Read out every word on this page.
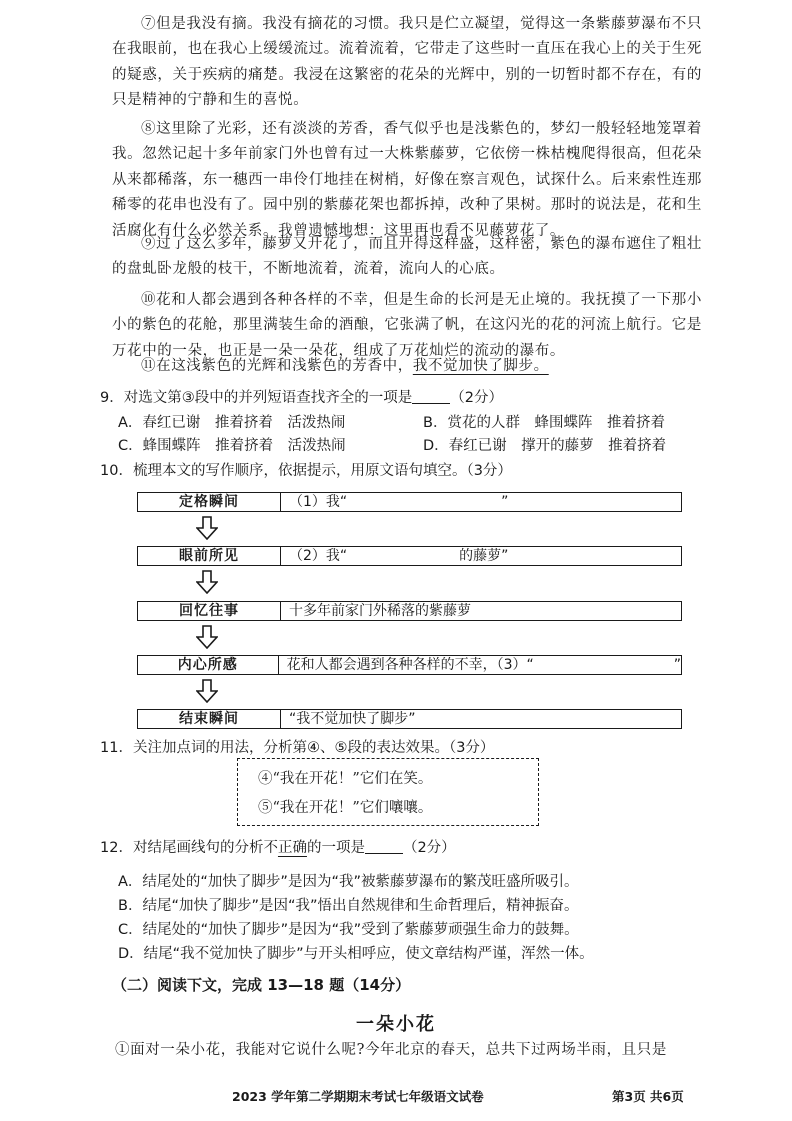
⑦但是我没有摘。我没有摘花的习惯。我只是伫立凝望，觉得这一条紫藤萝瀑布不只在我眼前，也在我心上缓缓流过。流着流着，它带走了这些时一直压在我心上的关于生死的疑惑，关于疾病的痛楚。我浸在这繁密的花朵的光辉中，别的一切暂时都不存在，有的只是精神的宁静和生的喜悦。

⑧这里除了光彩，还有淡淡的芳香，香气似乎也是浅紫色的，梦幻一般轻轻地笼罩着我。忽然记起十多年前家门外也曾有过一大株紫藤萝，它依傍一株枯槐爬得很高，但花朵从来都稀落，东一穗西一串伶仃地挂在树梢，好像在察言观色，试探什么。后来索性连那稀零的花串也没有了。园中别的紫藤花架也都拆掉，改种了果树。那时的说法是，花和生活腐化有什么必然关系。我曾遗憾地想：这里再也看不见藤萝花了。

⑨过了这么多年，藤萝又开花了，而且开得这样盛，这样密，紫色的瀑布遮住了粗壮的盘虬卧龙般的枝干，不断地流着，流着，流向人的心底。

⑩花和人都会遇到各种各样的不幸，但是生命的长河是无止境的。我抚摸了一下那小小的紫色的花舱，那里满装生命的酒酿，它张满了帆，在这闪光的花的河流上航行。它是万花中的一朵，也正是一朵一朵花，组成了万花灿烂的流动的瀑布。

⑪在这浅紫色的光辉和浅紫色的芳香中，我不觉加快了脚步。

9．对选文第③段中的并列短语查找齐全的一项是	（2分）

A．春红已谢　推着挤着　活泼热闹	B．赏花的人群　蜂围蝶阵　推着挤着
C．蜂围蝶阵　推着挤着　活泼热闹	D．春红已谢　撑开的藤萝　推着挤着

10．梳理本文的写作顺序，依据提示，用原文语句填空。（3分）

定格瞬间	（1）我“　　　　　　　　　　　”
眼前所见	（2）我“　　　　　　　　的藤萝”
回忆往事	十多年前家门外稀落的紫藤萝
内心所感	花和人都会遇到各种各样的不幸，（3）“　　　　　　　　　　”
结束瞬间	“我不觉加快了脚步”

11．关注加点词的用法，分析第④、⑤段的表达效果。（3分）

④“我在开花！”它们在笑。
⑤“我在开花！”它们嚷嚷。

12．对结尾画线句的分析不正确的一项是	（2分）

A．结尾处的“加快了脚步”是因为“我”被紫藤萝瀑布的繁茂旺盛所吸引。
B．结尾“加快了脚步”是因“我”悟出自然规律和生命哲理后，精神振奋。
C．结尾处的“加快了脚步”是因为“我”受到了紫藤萝顽强生命力的鼓舞。
D．结尾“我不觉加快了脚步”与开头相呼应，使文章结构严谨，浑然一体。
（二）阅读下文，完成 13—18 题（14分）
一朵小花

①面对一朵小花，我能对它说什么呢?今年北京的春天，总共下过两场半雨，且只是

2023 学年第二学期期末考试七年级语文试卷	第3页 共6页
